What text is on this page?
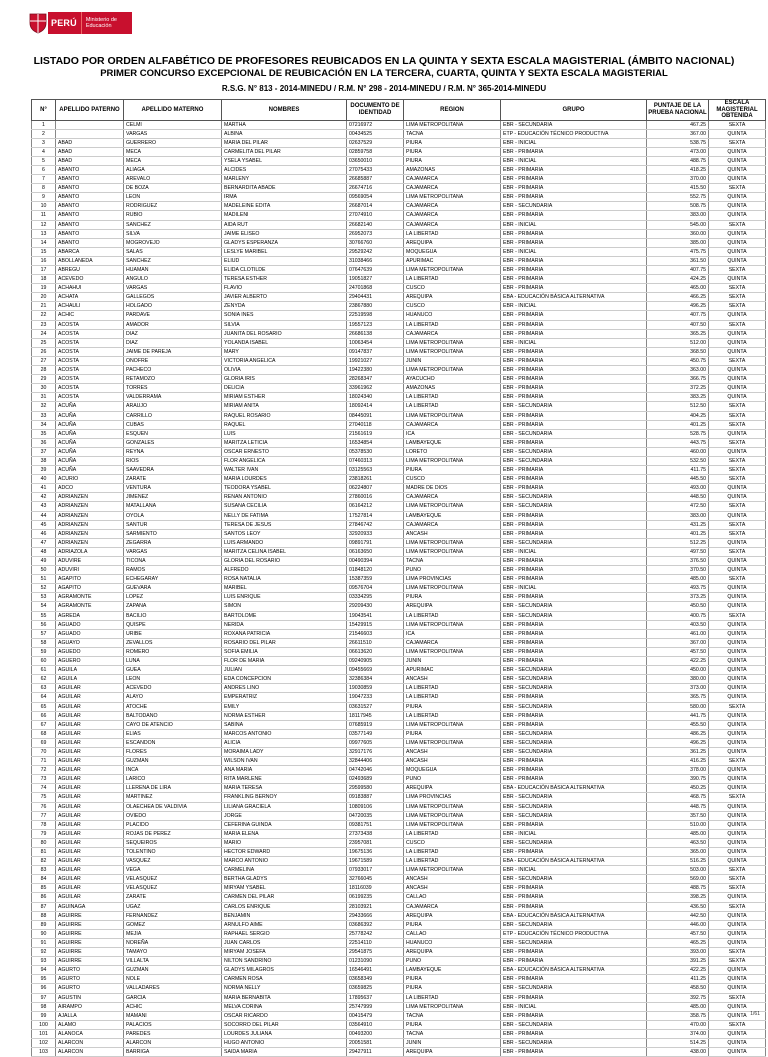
PERÚ Ministerio de Educación

LISTADO POR ORDEN ALFABÉTICO DE PROFESORES REUBICADOS EN LA QUINTA Y SEXTA ESCALA MAGISTERIAL (ÁMBITO NACIONAL)

PRIMER CONCURSO EXCEPCIONAL DE REUBICACIÓN EN LA TERCERA, CUARTA, QUINTA Y SEXTA ESCALA MAGISTERIAL

R.S.G. N° 813 - 2014-MINEDU / R.M. N° 298 - 2014-MINEDU / R.M. N° 365-2014-MINEDU

N°	APELLIDO PATERNO	APELLIDO MATERNO	NOMBRES	DOCUMENTO DE IDENTIDAD	REGION	GRUPO	PUNTAJE DE LA PRUEBA NACIONAL	ESCALA MAGISTERIAL OBTENIDA
1		CELMI	MARTHA	07216972	LIMA METROPOLITANA	EBR - SECUNDARIA	467.25	SEXTA
2		VARGAS	ALBINA	00434525	TACNA	ETP - EDUCACIÓN TÉCNICO PRODUCTIVA	367.00	QUINTA
3	ABAD	GUERRERO	MARIA DEL PILAR	02637529	PIURA	EBR - INICIAL	538.75	SEXTA
4	ABAD	MECA	CARMELITA DEL PILAR	02859758	PIURA	EBR - PRIMARIA	473.00	QUINTA
5	ABAD	MECA	YSELA YSABEL	03650010	PIURA	EBR - INICIAL	488.75	QUINTA
6	ABANTO	ALIAGA	ALCIDES	27075433	AMAZONAS	EBR - PRIMARIA	418.25	QUINTA
7	ABANTO	AREVALO	MARLENY	26685887	CAJAMARCA	EBR - PRIMARIA	370.00	QUINTA
8	ABANTO	DE BOZA	BERNARDITA ABADE	26674716	CAJAMARCA	EBR - PRIMARIA	415.50	SEXTA
9	ABANTO	LEON	IRMA	09569054	LIMA METROPOLITANA	EBR - PRIMARIA	552.75	QUINTA
10	ABANTO	RODRIGUEZ	MADELEINE EDITA	26687014	CAJAMARCA	EBR - SECUNDARIA	508.75	QUINTA
11	ABANTO	RUBIO	MADILENI	27074910	CAJAMARCA	EBR - PRIMARIA	383.00	QUINTA
12	ABANTO	SANCHEZ	AIDA RUT	26682140	CAJAMARCA	EBR - INICIAL	545.00	SEXTA
13	ABANTO	SILVA	JAIME ELISEO	26952073	LA LIBERTAD	EBR - PRIMARIA	360.00	QUINTA
14	ABANTO	MOGROVEJO	GLADYS ESPERANZA	30766760	AREQUIPA	EBR - PRIMARIA	385.00	QUINTA
15	ABARCA	SALAS	LESLYE MARIBEL	29529242	MOQUEGUA	EBR - INICIAL	475.75	QUINTA
16	ABOLLANEDA	SANCHEZ	ELIUD	31038466	APURIMAC	EBR - PRIMARIA	361.50	QUINTA
17	ABREGU	HUAMAN	ELIDA CLOTILDE	07647639	LIMA METROPOLITANA	EBR - PRIMARIA	407.75	SEXTA
18	ACEVEDO	ANGULO	TERESA ESTHER	19051827	LA LIBERTAD	EBR - PRIMARIA	424.25	QUINTA
19	ACHAHUI	VARGAS	FLAVIO	24701868	CUSCO	EBR - PRIMARIA	465.00	SEXTA
20	ACHATA	GALLEGOS	JAVIER ALBERTO	29404431	AREQUIPA	EBA - EDUCACIÓN BÁSICA ALTERNATIVA	466.25	SEXTA
21	ACHAULI	HOLGADO	ZENYDA	23867880	CUSCO	EBR - INICIAL	496.25	SEXTA
22	ACHIC	PARDAVE	SONIA INES	22519598	HUANUCO	EBR - PRIMARIA	407.75	QUINTA
23	ACOSTA	AMADOR	SILVIA	19557123	LA LIBERTAD	EBR - PRIMARIA	407.50	SEXTA
24	ACOSTA	DIAZ	JUANITA DEL ROSARIO	26686138	CAJAMARCA	EBR - PRIMARIA	365.25	QUINTA
25	ACOSTA	DIAZ	YOLANDA ISABEL	10063454	LIMA METROPOLITANA	EBR - INICIAL	512.00	QUINTA
26	ACOSTA	JAIME DE PAREJA	MARY	09147837	LIMA METROPOLITANA	EBR - PRIMARIA	368.50	QUINTA
27	ACOSTA	ONOFRE	VICTORIA ANGELICA	19921027	JUNIN	EBR - PRIMARIA	450.75	SEXTA
28	ACOSTA	PACHECO	OLIVIA	19422380	LIMA METROPOLITANA	EBR - PRIMARIA	363.00	QUINTA
29	ACOSTA	RETAMOZO	GLORIA IRIS	28268347	AYACUCHO	EBR - PRIMARIA	366.75	QUINTA
30	ACOSTA	TORRES	DELICIA	33961962	AMAZONAS	EBR - PRIMARIA	372.25	QUINTA
31	ACOSTA	VALDERRAMA	MIRIAM ESTHER	18024340	LA LIBERTAD	EBR - PRIMARIA	383.25	QUINTA
32	ACUÑA	ARAUJO	MIRIAM ANITA	18092414	LA LIBERTAD	EBR - SECUNDARIA	512.50	SEXTA
33	ACUÑA	CARRILLO	RAQUEL ROSARIO	08445091	LIMA METROPOLITANA	EBR - PRIMARIA	404.25	SEXTA
34	ACUÑA	CUBAS	RAQUEL	27040118	CAJAMARCA	EBR - PRIMARIA	401.25	SEXTA
35	ACUÑA	ESQUEN	LUIS	21561619	ICA	EBR - SECUNDARIA	528.75	QUINTA
36	ACUÑA	GONZALES	MARITZA LETICIA	16534854	LAMBAYEQUE	EBR - PRIMARIA	443.75	SEXTA
37	ACUÑA	REYNA	OSCAR ERNESTO	05378530	LORETO	EBR - SECUNDARIA	460.00	QUINTA
38	ACUÑA	RIOS	FLOR ANGELICA	07460313	LIMA METROPOLITANA	EBR - SECUNDARIA	532.50	SEXTA
39	ACUÑA	SAAVEDRA	WALTER IVAN	03125563	PIURA	EBR - PRIMARIA	411.75	SEXTA
40	ACURIO	ZARATE	MARIA LOURDES	23818261	CUSCO	EBR - PRIMARIA	445.50	SEXTA
41	ADCO	VENTURA	TEODORA YSABEL	06224807	MADRE DE DIOS	EBR - PRIMARIA	493.00	QUINTA
42	ADRIANZEN	JIMENEZ	RENAN ANTONIO	27860016	CAJAMARCA	EBR - SECUNDARIA	448.50	QUINTA
43	ADRIANZEN	MATALLANA	SUSANA CECILIA	06164212	LIMA METROPOLITANA	EBR - SECUNDARIA	472.50	SEXTA
44	ADRIANZEN	OYOLA	NELLY DE FATIMA	17527814	LAMBAYEQUE	EBR - PRIMARIA	383.00	QUINTA
45	ADRIANZEN	SANTUR	TERESA DE JESUS	27846742	CAJAMARCA	EBR - PRIMARIA	431.25	SEXTA
46	ADRIANZEN	SARMIENTO	SANTOS LEOY	32920933	ANCASH	EBR - PRIMARIA	401.25	SEXTA
47	ADRIANZEN	ZEGARRA	LUIS ARMANDO	09891791	LIMA METROPOLITANA	EBR - SECUNDARIA	512.25	QUINTA
48	ADRIAZOLA	VARGAS	MARITZA CELINA ISABEL	06163650	LIMA METROPOLITANA	EBR - INICIAL	497.50	SEXTA
49	ADUVIRE	TICONA	GLORIA DEL ROSARIO	00490394	TACNA	EBR - PRIMARIA	376.50	QUINTA
50	ADUVIRI	RAMOS	ALFREDO	01848120	PUNO	EBR - PRIMARIA	370.50	QUINTA
51	AGAPITO	ECHEGARAY	ROSA NATALIA	15387359	LIMA PROVINCIAS	EBR - PRIMARIA	485.00	SEXTA
52	AGAPITO	GUEVARA	MARIBEL	09576704	LIMA METROPOLITANA	EBR - INICIAL	493.75	QUINTA
53	AGRAMONTE	LOPEZ	LUIS ENRIQUE	03334295	PIURA	EBR - PRIMARIA	373.25	QUINTA
54	AGRAMONTE	ZAPANA	SIMON	29209430	AREQUIPA	EBR - SECUNDARIA	450.50	QUINTA
55	AGREDA	BACILIO	BARTOLOME	19043541	LA LIBERTAD	EBR - SECUNDARIA	400.75	SEXTA
56	AGUADO	QUISPE	NERIDA	15429915	LIMA METROPOLITANA	EBR - PRIMARIA	403.50	QUINTA
57	AGUADO	URIBE	ROXANA PATRICIA	21546603	ICA	EBR - PRIMARIA	461.00	QUINTA
58	AGUAYO	ZEVALLOS	ROSARIO DEL PILAR	26611510	CAJAMARCA	EBR - PRIMARIA	367.00	QUINTA
59	AGUEDO	ROMERO	SOFIA EMILIA	06613620	LIMA METROPOLITANA	EBR - PRIMARIA	457.50	QUINTA
60	AGUERO	LUNA	FLOR DE MARIA	09240905	JUNIN	EBR - PRIMARIA	422.25	QUINTA
61	AGUILA	GUEA	JULIAN	09455669	APURIMAC	EBR - SECUNDARIA	450.00	QUINTA
62	AGUILA	LEON	EDA CONCEPCION	32386384	ANCASH	EBR - SECUNDARIA	380.00	QUINTA
63	AGUILAR	ACEVEDO	ANDRES LINO	19030859	LA LIBERTAD	EBR - SECUNDARIA	373.00	QUINTA
64	AGUILAR	ALAYO	EMPERATRIZ	19047233	LA LIBERTAD	EBR - PRIMARIA	365.75	QUINTA
65	AGUILAR	ATOCHE	EMILY	03631527	PIURA	EBR - SECUNDARIA	580.00	SEXTA
66	AGUILAR	BALTODANO	NORMA ESTHER	18117945	LA LIBERTAD	EBR - PRIMARIA	441.75	QUINTA
67	AGUILAR	CAYO DE ATENCIO	SABINA	07685919	LIMA METROPOLITANA	EBR - PRIMARIA	455.50	QUINTA
68	AGUILAR	ELIAS	MARCOS ANTONIO	03577149	PIURA	EBR - SECUNDARIA	486.25	QUINTA
69	AGUILAR	ESCANDON	ALICIA	09977605	LIMA METROPOLITANA	EBR - SECUNDARIA	496.25	QUINTA
70	AGUILAR	FLORES	MORAIMA LADY	32917176	ANCASH	EBR - SECUNDARIA	361.25	QUINTA
71	AGUILAR	GUZMAN	WILSON IVAN	32844406	ANCASH	EBR - PRIMARIA	416.25	SEXTA
72	AGUILAR	INCA	ANA MARIA	04742046	MOQUEGUA	EBR - PRIMARIA	378.00	QUINTA
73	AGUILAR	LARICO	RITA MARLENE	02493689	PUNO	EBR - PRIMARIA	390.75	QUINTA
74	AGUILAR	LLERENA DE LIRA	MARIA TERESA	29599580	AREQUIPA	EBA - EDUCACIÓN BÁSICA ALTERNATIVA	450.25	QUINTA
75	AGUILAR	MARTINEZ	FRANKLING BERNOY	09183887	LIMA PROVINCIAS	EBR - SECUNDARIA	468.75	SEXTA
76	AGUILAR	OLAECHEA DE VALDIVIA	LILIANA GRACIELA	10809106	LIMA METROPOLITANA	EBR - SECUNDARIA	448.75	QUINTA
77	AGUILAR	OVIEDO	JORGE	04720035	LIMA METROPOLITANA	EBR - SECUNDARIA	357.50	QUINTA
78	AGUILAR	PLACIDO	CEFERINA GUINDA	09381751	LIMA METROPOLITANA	EBR - PRIMARIA	510.00	QUINTA
79	AGUILAR	ROJAS DE PEREZ	MARIA ELENA	27373438	LA LIBERTAD	EBR - INICIAL	485.00	QUINTA
80	AGUILAR	SEQUEIROS	MARIO	23957081	CUSCO	EBR - SECUNDARIA	463.50	QUINTA
81	AGUILAR	TOLENTINO	HECTOR EDWARD	19675136	LA LIBERTAD	EBR - PRIMARIA	365.00	QUINTA
82	AGUILAR	VASQUEZ	MARCO ANTONIO	19671589	LA LIBERTAD	EBA - EDUCACIÓN BÁSICA ALTERNATIVA	516.25	QUINTA
83	AGUILAR	VEGA	CARMELINA	07933017	LIMA METROPOLITANA	EBR - INICIAL	503.00	SEXTA
84	AGUILAR	VELASQUEZ	BERTHA GLADYS	32766045	ANCASH	EBR - SECUNDARIA	569.00	SEXTA
85	AGUILAR	VELASQUEZ	MIRYAM YSABEL	18116039	ANCASH	EBR - PRIMARIA	488.75	SEXTA
86	AGUILAR	ZARATE	CARMEN DEL PILAR	06199235	CALLAO	EBR - PRIMARIA	398.25	QUINTA
87	AGUINAGA	UGAZ	CARLOS ENRIQUE	28103921	CAJAMARCA	EBR - PRIMARIA	436.50	SEXTA
88	AGUIRRE	FERNANDEZ	BENJAMIN	29433666	AREQUIPA	EBA - EDUCACIÓN BÁSICA ALTERNATIVA	442.50	QUINTA
89	AGUIRRE	GOMEZ	ARNULFO AIME	03686392	PIURA	EBR - SECUNDARIA	446.00	QUINTA
90	AGUIRRE	MEJIA	RAPHAEL SERGIO	25778242	CALLAO	ETP - EDUCACIÓN TÉCNICO PRODUCTIVA	457.50	QUINTA
91	AGUIRRE	NOREÑA	JUAN CARLOS	22514110	HUANUCO	EBR - SECUNDARIA	465.25	QUINTA
92	AGUIRRE	TAMAYO	MIRYAM JOSEFA	29541875	AREQUIPA	EBR - PRIMARIA	393.00	SEXTA
93	AGUIRRE	VILLALTA	NILTON SANDRINO	01231090	PUNO	EBR - PRIMARIA	391.25	SEXTA
94	AGURTO	GUZMAN	GLADYS MILAGROS	16546491	LAMBAYEQUE	EBA - EDUCACIÓN BÁSICA ALTERNATIVA	422.25	QUINTA
95	AGURTO	NOLE	CARMEN ROSA	03658349	PIURA	EBR - PRIMARIA	411.25	QUINTA
96	AGURTO	VALLADARES	NORMA NELLY	03659825	PIURA	EBR - SECUNDARIA	458.50	QUINTA
97	AGUSTIN	GARCIA	MARIA BERNABITA	17895637	LA LIBERTAD	EBR - PRIMARIA	392.75	SEXTA
98	AIRAMPO	ACHIC	MELVA CORINA	25747999	LIMA METROPOLITANA	EBR - INICIAL	485.00	QUINTA
99	AJALLA	MAMANI	OSCAR RICARDO	00415479	TACNA	EBR - PRIMARIA	358.75	QUINTA
100	ALAMO	PALACIOS	SOCORRO DEL PILAR	03564910	PIURA	EBR - SECUNDARIA	470.00	SEXTA
101	ALANOCA	PAREDES	LOURDES JULIANA	00493200	TACNA	EBR - PRIMARIA	374.00	QUINTA
102	ALARCON	ALARCON	HUGO ANTONIO	20051581	JUNIN	EBR - SECUNDARIA	514.25	QUINTA
103	ALARCON	BARRIGA	SAIDA MARIA	29427911	AREQUIPA	EBR - PRIMARIA	438.00	QUINTA
1/61
